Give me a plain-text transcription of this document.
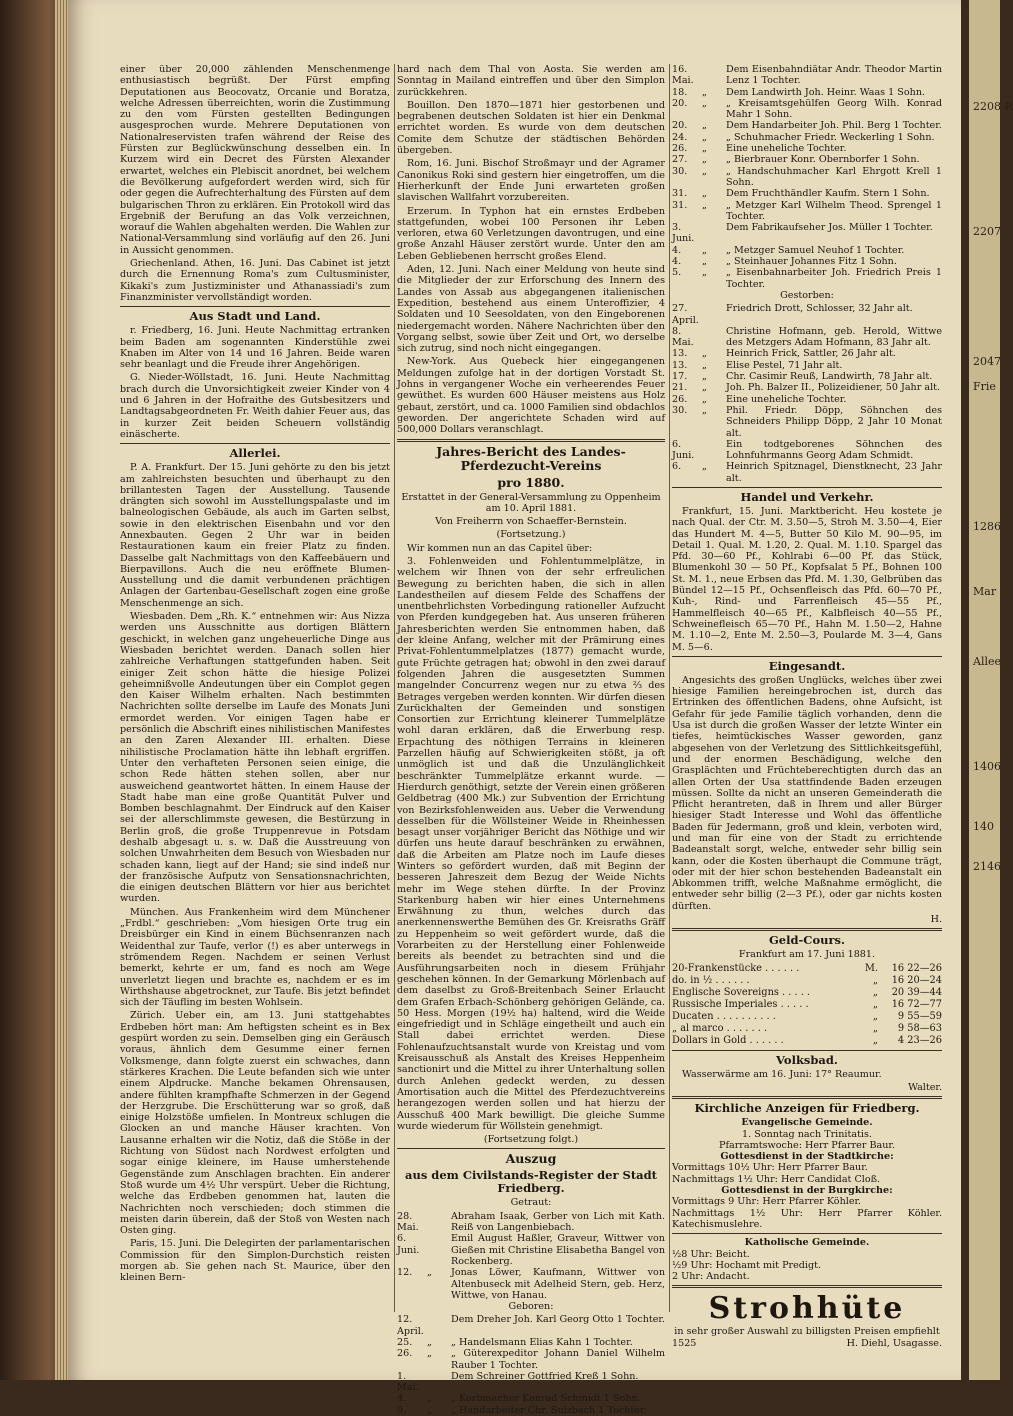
einer über 20,000 zählenden Menschenmenge enthusiastisch begrüßt. Der Fürst empfing Deputationen aus Beocovatz, Orcanie und Boratza, welche Adressen überreichten, worin die Zustimmung zu den vom Fürsten gestellten Bedingungen ausgesprochen wurde. Mehrere Deputationen von Nationalreservisten trafen während der Reise des Fürsten zur Beglückwünschung desselben ein. In Kurzem wird ein Decret des Fürsten Alexander erwartet, welches ein Plebiscit anordnet, bei welchem die Bevölkerung aufgefordert werden wird, sich für oder gegen die Aufrechterhaltung des Fürsten auf dem bulgarischen Thron zu erklären. Ein Protokoll wird das Ergebniß der Berufung an das Volk verzeichnen, worauf die Wahlen abgehalten werden. Die Wahlen zur National-Versammlung sind vorläufig auf den 26. Juni in Aussicht genommen.

Griechenland. Athen, 16. Juni. Das Cabinet ist jetzt durch die Ernennung Roma's zum Cultusminister, Kikaki's zum Justizminister und Athanassiadi's zum Finanzminister vervollständigt worden.

Aus Stadt und Land.

r. Friedberg, 16. Juni. Heute Nachmittag ertranken beim Baden am sogenannten Kinderstühle zwei Knaben im Alter von 14 und 16 Jahren. Beide waren sehr beanlagt und die Freude ihrer Angehörigen.

G. Nieder-Wöllstadt, 16. Juni. Heute Nachmittag brach durch die Unvorsichtigkeit zweier Kinder von 4 und 6 Jahren in der Hofraithe des Gutsbesitzers und Landtagsabgeordneten Fr. Weith dahier Feuer aus, das in kurzer Zeit beiden Scheuern vollständig einäscherte.

Allerlei.

P. A. Frankfurt. Der 15. Juni gehörte zu den bis jetzt am zahlreichsten besuchten und überhaupt zu den brillantesten Tagen der Ausstellung. Tausende drängten sich sowohl im Ausstellungspalaste und im balneologischen Gebäude, als auch im Garten selbst, sowie in den elektrischen Eisenbahn und vor den Annexbauten. Gegen 2 Uhr war in beiden Restaurationen kaum ein freier Platz zu finden. Dasselbe galt Nachmittags von den Kaffeebäuern und Bierpavillons. Auch die neu eröffnete Blumen-Ausstellung und die damit verbundenen prächtigen Anlagen der Gartenbau-Gesellschaft zogen eine große Menschenmenge an sich.

Wiesbaden. Dem „Rh. K.“ entnehmen wir: Aus Nizza werden uns Ausschnitte aus dortigen Blättern geschickt, in welchen ganz ungeheuerliche Dinge aus Wiesbaden berichtet werden. Danach sollen hier zahlreiche Verhaftungen stattgefunden haben. Seit einiger Zeit schon hätte die hiesige Polizei geheimnißvolle Andeutungen über ein Complot gegen den Kaiser Wilhelm erhalten. Nach bestimmten Nachrichten sollte derselbe im Laufe des Monats Juni ermordet werden. Vor einigen Tagen habe er persönlich die Abschrift eines nihilistischen Manifestes an den Zaren Alexander III. erhalten. Diese nihilistische Proclamation hätte ihn lebhaft ergriffen. Unter den verhafteten Personen seien einige, die schon Rede hätten stehen sollen, aber nur ausweichend geantwortet hätten. In einem Hause der Stadt habe man eine große Quantität Pulver und Bomben beschlagnahmt. Der Eindruck auf den Kaiser sei der allerschlimmste gewesen, die Bestürzung in Berlin groß, die große Truppenrevue in Potsdam deshalb abgesagt u. s. w. Daß die Ausstreuung von solchen Unwahrheiten dem Besuch von Wiesbaden nur schaden kann, liegt auf der Hand; sie sind indeß nur der französische Aufputz von Sensationsnachrichten, die einigen deutschen Blättern vor hier aus berichtet wurden.

München. Aus Frankenheim wird dem Münchener „Frdbl.“ geschrieben: „Vom hiesigen Orte trug ein Dreisbürger ein Kind in einem Büchsenranzen nach Weidenthal zur Taufe, verlor (!) es aber unterwegs in strömendem Regen. Nachdem er seinen Verlust bemerkt, kehrte er um, fand es noch am Wege unverletzt liegen und brachte es, nachdem er es im Wirthshause abgetrocknet, zur Taufe. Bis jetzt befindet sich der Täufling im besten Wohlsein.

Zürich. Ueber ein, am 13. Juni stattgehabtes Erdbeben hört man: Am heftigsten scheint es in Bex gespürt worden zu sein. Demselben ging ein Geräusch voraus, ähnlich dem Gesumme einer fernen Volksmenge, dann folgte zuerst ein schwaches, dann stärkeres Krachen. Die Leute befanden sich wie unter einem Alpdrucke. Manche bekamen Ohrensausen, andere fühlten krampfhafte Schmerzen in der Gegend der Herzgrube. Die Erschütterung war so groß, daß einige Holzstöße umfielen. In Montreux schlugen die Glocken an und manche Häuser krachten. Von Lausanne erhalten wir die Notiz, daß die Stöße in der Richtung von Südost nach Nordwest erfolgten und sogar einige kleinere, im Hause umherstehende Gegenstände zum Anschlagen brachten. Ein anderer Stoß wurde um 4½ Uhr verspürt. Ueber die Richtung, welche das Erdbeben genommen hat, lauten die Nachrichten noch verschieden; doch stimmen die meisten darin überein, daß der Stoß von Westen nach Osten ging.

Paris, 15. Juni. Die Delegirten der parlamentarischen Commission für den Simplon-Durchstich reisten morgen ab. Sie gehen nach St. Maurice, über den kleinen Bern-

hard nach dem Thal von Aosta. Sie werden am Sonntag in Mailand eintreffen und über den Simplon zurückkehren.

Bouillon. Den 1870—1871 hier gestorbenen und begrabenen deutschen Soldaten ist hier ein Denkmal errichtet worden. Es wurde von dem deutschen Comite dem Schutze der städtischen Behörden übergeben.

Rom, 16. Juni. Bischof Stroßmayr und der Agramer Canonikus Roki sind gestern hier eingetroffen, um die Hierherkunft der Ende Juni erwarteten großen slavischen Wallfahrt vorzubereiten.

Erzerum. In Typhon hat ein ernstes Erdbeben stattgefunden, wobei 100 Personen ihr Leben verloren, etwa 60 Verletzungen davontrugen, und eine große Anzahl Häuser zerstört wurde. Unter den am Leben Gebliebenen herrscht großes Elend.

Aden, 12. Juni. Nach einer Meldung von heute sind die Mitglieder der zur Erforschung des Innern des Landes von Assab aus abgegangenen italienischen Expedition, bestehend aus einem Unteroffizier, 4 Soldaten und 10 Seesoldaten, von den Eingeborenen niedergemacht worden. Nähere Nachrichten über den Vorgang selbst, sowie über Zeit und Ort, wo derselbe sich zutrug, sind noch nicht eingegangen.

New-York. Aus Quebeck hier eingegangenen Meldungen zufolge hat in der dortigen Vorstadt St. Johns in vergangener Woche ein verheerendes Feuer gewüthet. Es wurden 600 Häuser meistens aus Holz gebaut, zerstört, und ca. 1000 Familien sind obdachlos geworden. Der angerichtete Schaden wird auf 500,000 Dollars veranschlagt.

Jahres-Bericht des Landes-Pferdezucht-Vereins
pro 1880.

Erstattet in der General-Versammlung zu Oppenheim am 10. April 1881.

Von Freiherrn von Schaeffer-Bernstein.

(Fortsetzung.)

Wir kommen nun an das Capitel über:

3. Fohlenweiden und Fohlentummelplätze, in welchem wir Ihnen von der sehr erfreulichen Bewegung zu berichten haben, die sich in allen Landestheilen auf diesem Felde des Schaffens der unentbehrlichsten Vorbedingung rationeller Aufzucht von Pferden kundgegeben hat. Aus unseren früheren Jahresberichten werden Sie entnommen haben, daß der kleine Anfang, welcher mit der Prämirung eines Privat-Fohlentummelplatzes (1877) gemacht wurde, gute Früchte getragen hat; obwohl in den zwei darauf folgenden Jahren die ausgesetzten Summen mangelnder Concurrenz wegen nur zu etwa ⅔ des Betrages vergeben werden konnten. Wir dürfen diesen Zurückhalten der Gemeinden und sonstigen Consortien zur Errichtung kleinerer Tummelplätze wohl daran erklären, daß die Erwerbung resp. Erpachtung des nöthigen Terrains in kleineren Parzellen häufig auf Schwierigkeiten stößt, ja oft unmöglich ist und daß die Unzulänglichkeit beschränkter Tummelplätze erkannt wurde. — Hierdurch genöthigt, setzte der Verein einen größeren Geldbetrag (400 Mk.) zur Subvention der Errichtung von Bezirksfohlenweiden aus. Ueber die Verwendung desselben für die Wöllsteiner Weide in Rheinhessen besagt unser vorjähriger Bericht das Nöthige und wir dürfen uns heute darauf beschränken zu erwähnen, daß die Arbeiten am Platze noch im Laufe dieses Winters so gefördert wurden, daß mit Beginn der besseren Jahreszeit dem Bezug der Weide Nichts mehr im Wege stehen dürfte. In der Provinz Starkenburg haben wir hier eines Unternehmens Erwähnung zu thun, welches durch das anerkennenswerthe Bemühen des Gr. Kreisraths Gräff zu Heppenheim so weit gefördert wurde, daß die Vorarbeiten zu der Herstellung einer Fohlenweide bereits als beendet zu betrachten sind und die Ausführungsarbeiten noch in diesem Frühjahr geschehen können. In der Gemarkung Mörlenbach auf dem daselbst zu Groß-Breitenbach Seiner Erlaucht dem Grafen Erbach-Schönberg gehörigen Gelände, ca. 50 Hess. Morgen (19½ ha) haltend, wird die Weide eingefriedigt und in Schläge eingetheilt und auch ein Stall dabei errichtet werden. Diese Fohlenaufzuchtsanstalt wurde von Kreistag und vom Kreisausschuß als Anstalt des Kreises Heppenheim sanctionirt und die Mittel zu ihrer Unterhaltung sollen durch Anlehen gedeckt werden, zu dessen Amortisation auch die Mittel des Pferdezuchtvereins herangezogen werden sollen und hat hierzu der Ausschuß 400 Mark bewilligt. Die gleiche Summe wurde wiederum für Wöllstein genehmigt.

(Fortsetzung folgt.)

Auszug
aus dem Civilstands-Register der Stadt Friedberg.

Getraut:

28. Mai.
Abraham Isaak, Gerber von Lich mit Kath. Reiß von Langenbiebach.
6. Juni.
Emil August Haßler, Graveur, Wittwer von Gießen mit Christine Elisabetha Bangel von Rockenberg.
12.	„	Jonas Löwer, Kaufmann, Wittwer von Altenbuseck mit Adelheid Stern, geb. Herz, Wittwe, von Hanau.

Geboren:

12. April.
Dem Dreher Joh. Karl Georg Otto 1 Tochter.
25.	„	„ Handelsmann Elias Kahn 1 Tochter.
26.	„	„ Güterexpeditor Johann Daniel Wilhelm Rauber 1 Tochter.
1. Mai.
Dem Schreiner Gottfried Kreß 1 Sohn.
4.	„	„ Korbmacher Konrad Schmidt 1 Sohn.
9.	„	„ Handarbeiter Chr. Sulzbach 1 Tochter.
16. Mai.
Dem Eisenbahndiätar Andr. Theodor Martin Lenz 1 Tochter.
18.	„	Dem Landwirth Joh. Heinr. Waas 1 Sohn.
20.	„	„ Kreisamtsgehülfen Georg Wilh. Konrad Mahr 1 Sohn.
20.	„	Dem Handarbeiter Joh. Phil. Berg 1 Tochter.
24.	„	„ Schuhmacher Friedr. Weckerling 1 Sohn.
26.	„	Eine uneheliche Tochter.
27.	„	„ Bierbrauer Konr. Obernborfer 1 Sohn.
30.	„	„ Handschuhmacher Karl Ehrgott Krell 1 Sohn.
31.	„	Dem Fruchthändler Kaufm. Stern 1 Sohn.
31.	„	„ Metzger Karl Wilhelm Theod. Sprengel 1 Tochter.
3. Juni.
Dem Fabrikaufseher Jos. Müller 1 Tochter.
4.	„	„ Metzger Samuel Neuhof 1 Tochter.
4.	„	„ Steinhauer Johannes Fitz 1 Sohn.
5.	„	„ Eisenbahnarbeiter Joh. Friedrich Preis 1 Tochter.

Gestorben:

27. April.
Friedrich Drott, Schlosser, 32 Jahr alt.
8. Mai.
Christine Hofmann, geb. Herold, Wittwe des Metzgers Adam Hofmann, 83 Jahr alt.
13.	„	Heinrich Frick, Sattler, 26 Jahr alt.
13.	„	Elise Pestel, 71 Jahr alt.
17.	„	Chr. Casimir Reuß, Landwirth, 78 Jahr alt.
21.	„	Joh. Ph. Balzer II., Polizeidiener, 50 Jahr alt.
26.	„	Eine uneheliche Tochter.
30.	„	Phil. Friedr. Döpp, Söhnchen des Schneiders Philipp Döpp, 2 Jahr 10 Monat alt.
6. Juni.
Ein todtgeborenes Söhnchen des Lohnfuhrmanns Georg Adam Schmidt.
6.	„	Heinrich Spitznagel, Dienstknecht, 23 Jahr alt.
Handel und Verkehr.

Frankfurt, 15. Juni. Marktbericht. Heu kostete je nach Qual. der Ctr. M. 3.50—5, Stroh M. 3.50—4, Eier das Hundert M. 4—5, Butter 50 Kilo M. 90—95, im Detail 1. Qual. M. 1.20, 2. Qual. M. 1.10. Spargel das Pfd. 30—60 Pf., Kohlrabi 6—00 Pf. das Stück, Blumenkohl 30 — 50 Pf., Kopfsalat 5 Pf., Bohnen 100 St. M. 1., neue Erbsen das Pfd. M. 1.30, Gelbrüben das Bündel 12—15 Pf., Ochsenfleisch das Pfd. 60—70 Pf., Kuh-, Rind- und Farrenfleisch 45—55 Pf., Hammelfleisch 40—65 Pf., Kalbfleisch 40—55 Pf., Schweinefleisch 65—70 Pf., Hahn M. 1.50—2, Hahne M. 1.10—2, Ente M. 2.50—3, Poularde M. 3—4, Gans M. 5—6.

Eingesandt.

Angesichts des großen Unglücks, welches über zwei hiesige Familien hereingebrochen ist, durch das Ertrinken des öffentlichen Badens, ohne Aufsicht, ist Gefahr für jede Familie täglich vorhanden, denn die Usa ist durch die großen Wasser der letzte Winter ein tiefes, heimtückisches Wasser geworden, ganz abgesehen von der Verletzung des Sittlichkeitsgefühl, und der enormen Beschädigung, welche den Grasplächten und Früchteberechtigten durch das an allen Orten der Usa stattfindende Baden erzeugen müssen. Sollte da nicht an unseren Gemeinderath die Pflicht herantreten, daß in Ihrem und aller Bürger hiesiger Stadt Interesse und Wohl das öffentliche Baden für Jedermann, groß und klein, verboten wird, und man für eine von der Stadt zu errichtende Badeanstalt sorgt, welche, entweder sehr billig sein kann, oder die Kosten überhaupt die Commune trägt, oder mit der hier schon bestehenden Badeanstalt ein Abkommen trifft, welche Maßnahme ermöglicht, die entweder sehr billig (2—3 Pf.), oder gar nichts kosten dürften.

H.

Geld-Cours.

Frankfurt am 17. Juni 1881.

20-Frankenstücke . . . . . .	M.	16 22—26
do. in ½ . . . . . .	„	16 20—24
Englische Sovereigns . . . . .	„	20 39—44
Russische Imperiales . . . . .	„	16 72—77
Ducaten . . . . . . . . . .	„	9 55—59
„ al marco . . . . . . .	„	9 58—63
Dollars in Gold . . . . . .	„	4 23—26
Volksbad.

Wasserwärme am 16. Juni: 17° Reaumur.

Walter.

Kirchliche Anzeigen für Friedberg.
Evangelische Gemeinde.
1. Sonntag nach Trinitatis.
Pfarramtswoche: Herr Pfarrer Baur.
Gottesdienst in der Stadtkirche:
Vormittags 10½ Uhr: Herr Pfarrer Baur.
Nachmittags 1½ Uhr: Herr Candidat Cloß.
Gottesdienst in der Burgkirche:
Vormittags 9 Uhr: Herr Pfarrer Köhler.
Nachmittags 1½ Uhr: Herr Pfarrer Köhler. Katechismuslehre.
Katholische Gemeinde.
½8 Uhr: Beicht.
½9 Uhr: Hochamt mit Predigt.
2 Uhr: Andacht.
Strohhüte
in sehr großer Auswahl zu billigsten Preisen empfiehlt
1525	H. Diehl, Usagasse.
2208 R
2207
2047
Frie
1286
Mar
Allee
1406
140
2146
